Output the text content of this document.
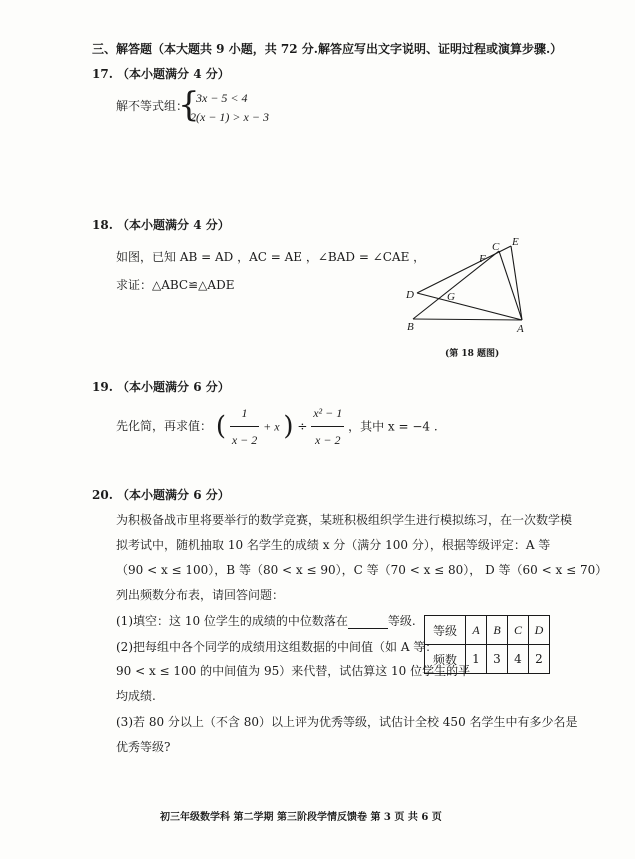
三、解答题（本大题共 9 小题，共 72 分.解答应写出文字说明、证明过程或演算步骤.）
17. （本小题满分 4 分）
解不等式组：
{
3x − 5 < 4
2(x − 1) > x − 3
18. （本小题满分 4 分）
如图，已知 AB = AD ，AC = AE ，∠BAD = ∠CAE ，
求证：△ABC≌△ADE
A
B
C
D
E
F
G
(第 18 题图)
19. （本小题满分 6 分）
先化简，再求值： ( $\frac{1}{x - 2} + x$ ) ÷ $\frac{\text{x² − 1}}{x - 2}$ ，其中 x = −4 .
20. （本小题满分 6 分）
为积极备战市里将要举行的数学竞赛，某班积极组织学生进行模拟练习，在一次数学模
拟考试中，随机抽取 10 名学生的成绩 x 分（满分 100 分），根据等级评定：A 等
（90 < x ≤ 100），B 等（80 < x ≤ 90），C 等（70 < x ≤ 80）， D 等（60 < x ≤ 70）
列出频数分布表，请回答问题：
(1)填空：这 10 位学生的成绩的中位数落在	等级.
(2)把每组中各个同学的成绩用这组数据的中间值（如 A 等：
90 < x ≤ 100 的中间值为 95）来代替，试估算这 10 位学生的平
均成绩.
(3)若 80 分以上（不含 80）以上评为优秀等级，试估计全校 450 名学生中有多少名是
优秀等级?
等级	A	B	C	D
频数	1	3	4	2
初三年级数学科 第二学期 第三阶段学情反馈卷 第 3 页 共 6 页
